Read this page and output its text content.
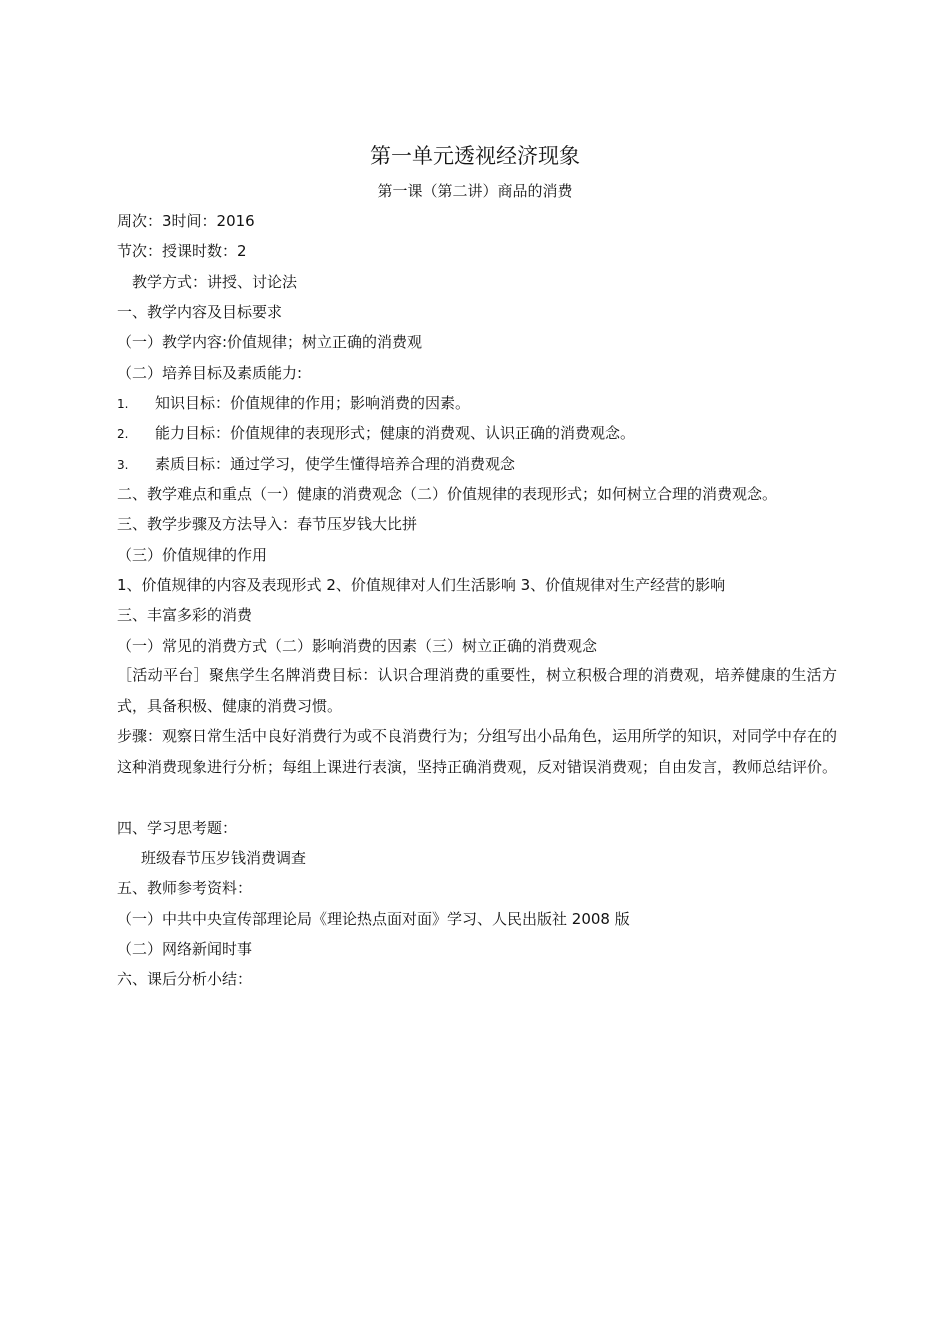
第一单元透视经济现象
第一课（第二讲）商品的消费
周次：3时间：2016
节次：授课时数：2
教学方式：讲授、讨论法
一、教学内容及目标要求
（一）教学内容:价值规律；树立正确的消费观
（二）培养目标及素质能力:
1. 知识目标：价值规律的作用；影响消费的因素。
2. 能力目标：价值规律的表现形式；健康的消费观、认识正确的消费观念。
3. 素质目标：通过学习，使学生懂得培养合理的消费观念
二、教学难点和重点（一）健康的消费观念（二）价值规律的表现形式；如何树立合理的消费观念。
三、教学步骤及方法导入：春节压岁钱大比拼
（三）价值规律的作用
1、价值规律的内容及表现形式 2、价值规律对人们生活影响 3、价值规律对生产经营的影响
三、丰富多彩的消费
（一）常见的消费方式（二）影响消费的因素（三）树立正确的消费观念
［活动平台］聚焦学生名牌消费目标：认识合理消费的重要性，树立积极合理的消费观，培养健康的生活方式，具备积极、健康的消费习惯。
步骤：观察日常生活中良好消费行为或不良消费行为；分组写出小品角色，运用所学的知识，对同学中存在的这种消费现象进行分析；每组上课进行表演，坚持正确消费观，反对错误消费观；自由发言，教师总结评价。
四、学习思考题：
班级春节压岁钱消费调查
五、教师参考资料：
（一）中共中央宣传部理论局《理论热点面对面》学习、人民出版社 2008 版
（二）网络新闻时事
六、课后分析小结：
